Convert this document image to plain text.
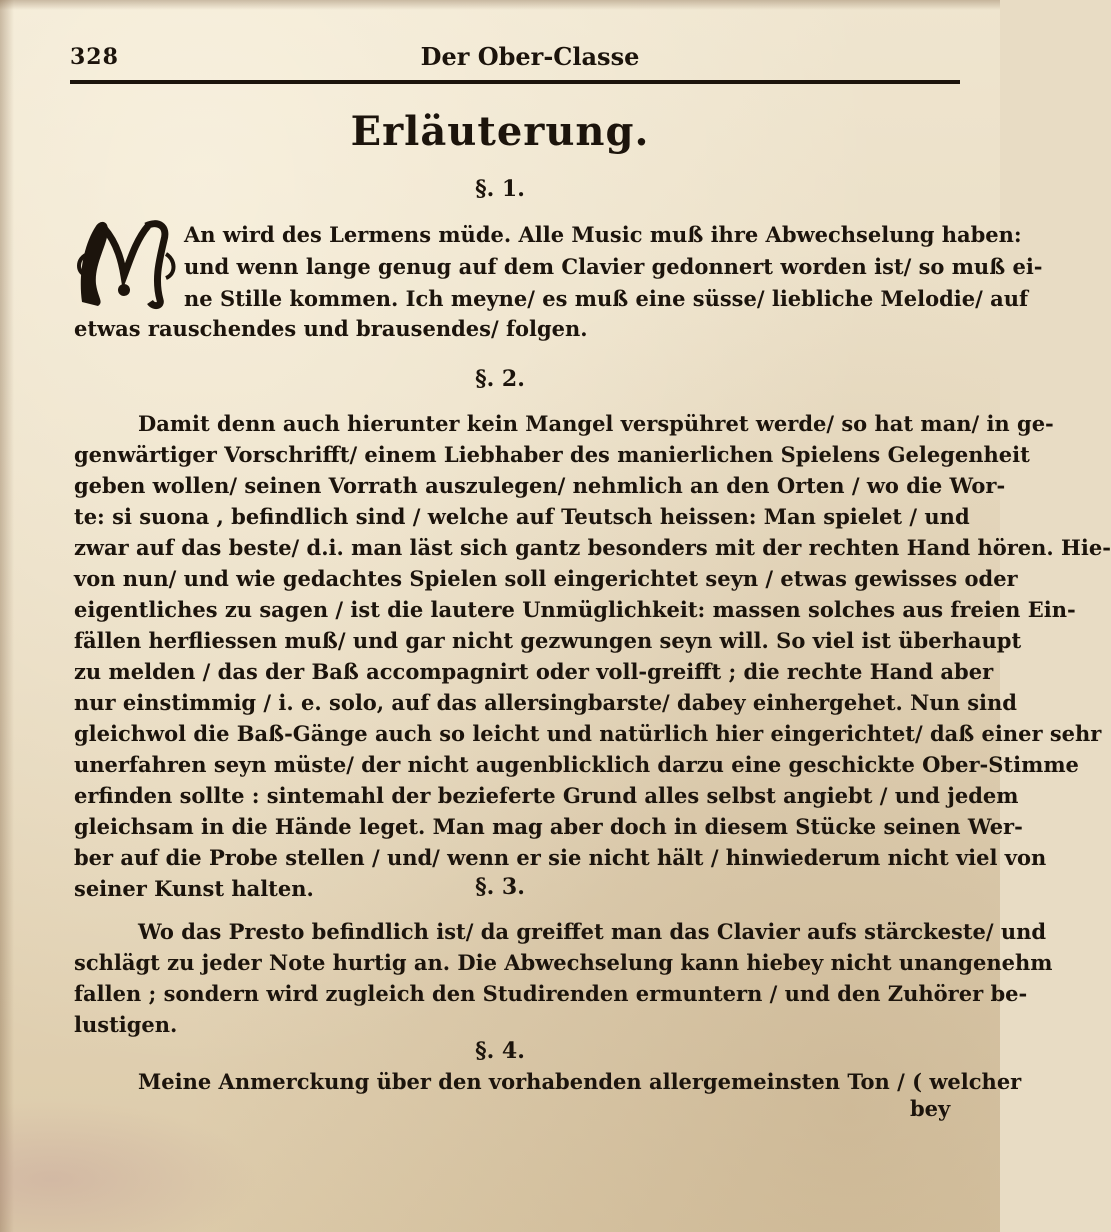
328	Der Ober-Classe
Erläuterung.
§. 1.
An wird des Lermens müde. Alle Music muß ihre Abwechselung haben:
und wenn lange genug auf dem Clavier gedonnert worden ist/ so muß ei-
ne Stille kommen. Ich meyne/ es muß eine süsse/ liebliche Melodie/ auf
etwas rauschendes und brausendes/ folgen.
§. 2.
Damit denn auch hierunter kein Mangel verspühret werde/ so hat man/ in ge-
genwärtiger Vorschrifft/ einem Liebhaber des manierlichen Spielens Gelegenheit
geben wollen/ seinen Vorrath auszulegen/ nehmlich an den Orten / wo die Wor-
te: si suona , befindlich sind / welche auf Teutsch heissen: Man spielet / und
zwar auf das beste/ d.i. man läst sich gantz besonders mit der rechten Hand hören. Hie-
von nun/ und wie gedachtes Spielen soll eingerichtet seyn / etwas gewisses oder
eigentliches zu sagen / ist die lautere Unmüglichkeit: massen solches aus freien Ein-
fällen herfliessen muß/ und gar nicht gezwungen seyn will. So viel ist überhaupt
zu melden / das der Baß accompagnirt oder voll-greifft ; die rechte Hand aber
nur einstimmig / i. e. solo, auf das allersingbarste/ dabey einhergehet. Nun sind
gleichwol die Baß-Gänge auch so leicht und natürlich hier eingerichtet/ daß einer sehr
unerfahren seyn müste/ der nicht augenblicklich darzu eine geschickte Ober-Stimme
erfinden sollte : sintemahl der bezieferte Grund alles selbst angiebt / und jedem
gleichsam in die Hände leget. Man mag aber doch in diesem Stücke seinen Wer-
ber auf die Probe stellen / und/ wenn er sie nicht hält / hinwiederum nicht viel von
seiner Kunst halten.	§. 3.
Wo das Presto befindlich ist/ da greiffet man das Clavier aufs stärckeste/ und
schlägt zu jeder Note hurtig an. Die Abwechselung kann hiebey nicht unangenehm
fallen ; sondern wird zugleich den Studirenden ermuntern / und den Zuhörer be-
lustigen.
§. 4.
Meine Anmerckung über den vorhabenden allergemeinsten Ton / ( welcher
bey
